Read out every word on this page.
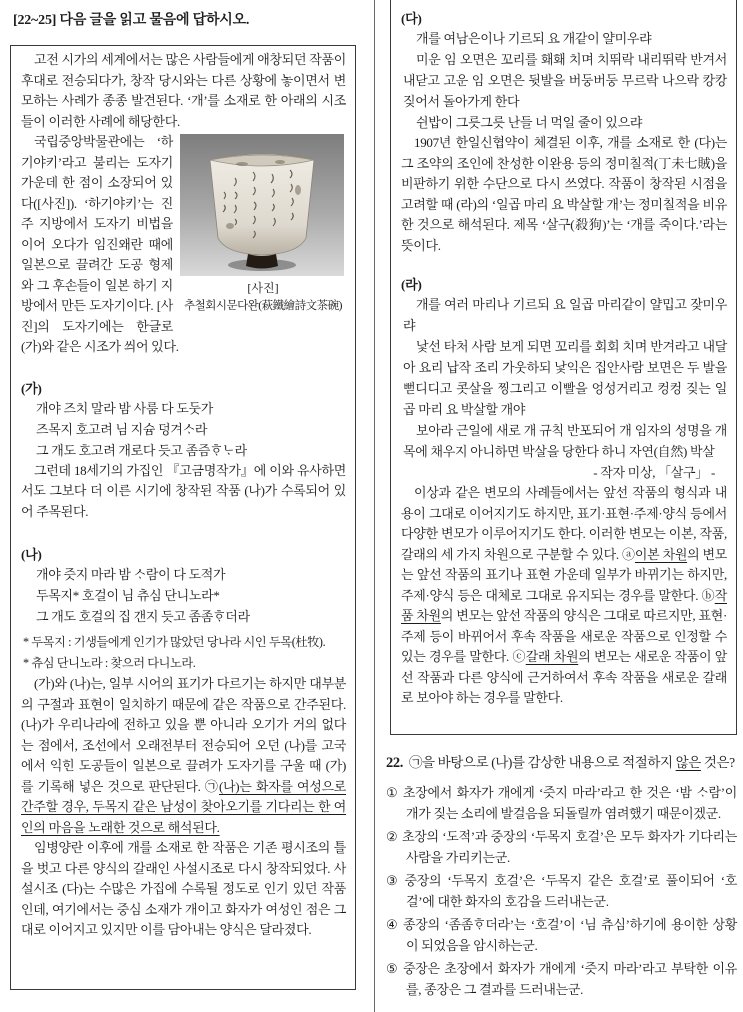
[22~25] 다음 글을 읽고 물음에 답하시오.

고전 시가의 세계에서는 많은 사람들에게 애창되던 작품이 후대로 전승되다가, 창작 당시와는 다른 상황에 놓이면서 변모하는 사례가 종종 발견된다. ‘개’를 소재로 한 아래의 시조들이 이러한 사례에 해당한다.

[사진]
추철회시문다완(萩鐵繪詩文茶碗)

국립중앙박물관에는 ‘하기야키’라고 불리는 도자기 가운데 한 점이 소장되어 있다([사진]). ‘하기야키’는 진주 지방에서 도자기 비법을 이어 오다가 임진왜란 때에 일본으로 끌려간 도공 형제와 그 후손들이 일본 하기 지방에서 만든 도자기이다. [사진]의 도자기에는 한글로 (가)와 같은 시조가 씌어 있다.

(가)

개야 즈치 말라 밤 사룸 다 도둣가
즈목지 호고려 님 지슘 덩겨ᄉᆞ라
그 개도 호고려 개로다 듯고 좀즘ᄒᆞᄂᆞ라

그런데 18세기의 가집인 『고금명작가』에 이와 유사하면서도 그보다 더 이른 시기에 창작된 작품 (나)가 수록되어 있어 주목된다.

(나)

개야 즛지 마라 밤 ᄉᆞ람이 다 도적가
두목지* 호걸이 님 츄심 단니노라*
그 개도 호걸의 집 갠지 듯고 좀좀ᄒᆞ더라
* 두목지 : 기생들에게 인기가 많았던 당나라 시인 두목(杜牧).
* 츄심 단니노라 : 찾으러 다니노라.

(가)와 (나)는, 일부 시어의 표기가 다르기는 하지만 대부분의 구절과 표현이 일치하기 때문에 같은 작품으로 간주된다. (나)가 우리나라에 전하고 있을 뿐 아니라 오기가 거의 없다는 점에서, 조선에서 오래전부터 전승되어 오던 (나)를 고국에서 익힌 도공들이 일본으로 끌려가 도자기를 구울 때 (가)를 기록해 넣은 것으로 판단된다. ㉠(나)는 화자를 여성으로 간주할 경우, 두목지 같은 남성이 찾아오기를 기다리는 한 여인의 마음을 노래한 것으로 해석된다.

임병양란 이후에 개를 소재로 한 작품은 기존 평시조의 틀을 벗고 다른 양식의 갈래인 사설시조로 다시 창작되었다. 사설시조 (다)는 수많은 가집에 수록될 정도로 인기 있던 작품인데, 여기에서는 중심 소재가 개이고 화자가 여성인 점은 그대로 이어지고 있지만 이를 담아내는 양식은 달라졌다.

(다)

개를 여남은이나 기르되 요 개같이 얄미우랴
미운 임 오면은 꼬리를 홰홰 치며 치뛰락 내리뛰락 반겨서 내닫고 고운 임 오면은 뒷발을 버둥버둥 무르락 나으락 캉캉 짖어서 돌아가게 한다
쉰밥이 그릇그릇 난들 너 먹일 줄이 있으랴

1907년 한일신협약이 체결된 이후, 개를 소재로 한 (다)는 그 조약의 조인에 찬성한 이완용 등의 정미칠적(丁未七賊)을 비판하기 위한 수단으로 다시 쓰였다. 작품이 창작된 시점을 고려할 때 (라)의 ‘일곱 마리 요 박살할 개’는 정미칠적을 비유한 것으로 해석된다. 제목 ‘살구(殺狗)’는 ‘개를 죽이다.’라는 뜻이다.

(라)

개를 여러 마리나 기르되 요 일곱 마리같이 얄밉고 잦미우랴
낯선 타처 사람 보게 되면 꼬리를 회회 치며 반겨라고 내달아 요리 납작 조리 가웃하되 낯익은 집안사람 보면은 두 발을 뻗디디고 콧살을 찡그리고 이빨을 엉성거리고 컹컹 짖는 일곱 마리 요 박살할 개야
보아라 근일에 새로 개 규칙 반포되어 개 임자의 성명을 개 목에 채우지 아니하면 박살을 당한다 하니 자연(自然) 박살
- 작자 미상, 「살구」 -

이상과 같은 변모의 사례들에서는 앞선 작품의 형식과 내용이 그대로 이어지기도 하지만, 표기·표현·주제·양식 등에서 다양한 변모가 이루어지기도 한다. 이러한 변모는 이본, 작품, 갈래의 세 가지 차원으로 구분할 수 있다. ⓐ이본 차원의 변모는 앞선 작품의 표기나 표현 가운데 일부가 바뀌기는 하지만, 주제·양식 등은 대체로 그대로 유지되는 경우를 말한다. ⓑ작품 차원의 변모는 앞선 작품의 양식은 그대로 따르지만, 표현·주제 등이 바뀌어서 후속 작품을 새로운 작품으로 인정할 수 있는 경우를 말한다. ⓒ갈래 차원의 변모는 새로운 작품이 앞선 작품과 다른 양식에 근거하여서 후속 작품을 새로운 갈래로 보아야 하는 경우를 말한다.

22. ㉠을 바탕으로 (나)를 감상한 내용으로 적절하지 않은 것은?
① 초장에서 화자가 개에게 ‘즛지 마라’라고 한 것은 ‘밤 ᄉᆞ람’이 개가 짖는 소리에 발걸음을 되돌릴까 염려했기 때문이겠군.
② 초장의 ‘도적’과 중장의 ‘두목지 호걸’은 모두 화자가 기다리는 사람을 가리키는군.
③ 중장의 ‘두목지 호걸’은 ‘두목지 같은 호걸’로 풀이되어 ‘호걸’에 대한 화자의 호감을 드러내는군.
④ 종장의 ‘좀좀ᄒᆞ더라’는 ‘호걸’이 ‘님 츄심’하기에 용이한 상황이 되었음을 암시하는군.
⑤ 중장은 초장에서 화자가 개에게 ‘즛지 마라’라고 부탁한 이유를, 종장은 그 결과를 드러내는군.
